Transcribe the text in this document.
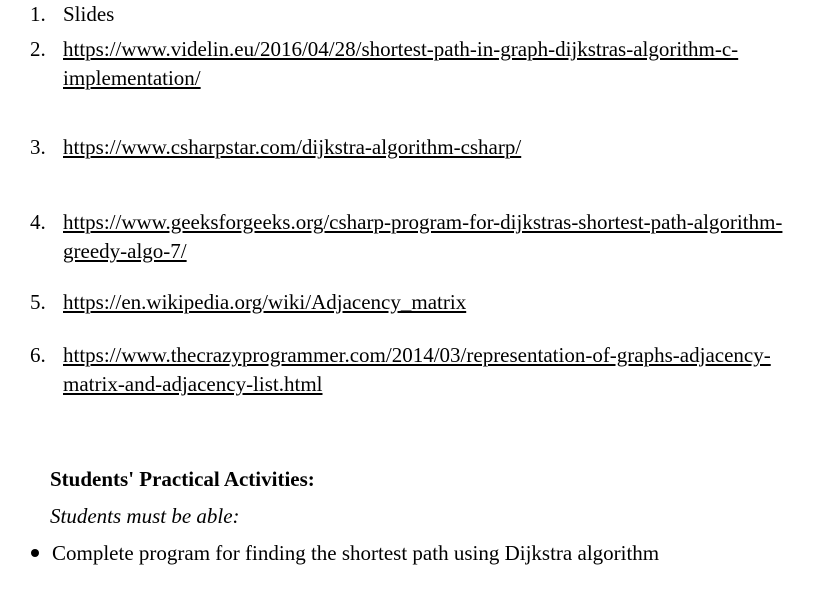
1. Slides
2. https://www.videlin.eu/2016/04/28/shortest-path-in-graph-dijkstras-algorithm-c-
implementation/
3. https://www.csharpstar.com/dijkstra-algorithm-csharp/
4. https://www.geeksforgeeks.org/csharp-program-for-dijkstras-shortest-path-algorithm-
greedy-algo-7/
5. https://en.wikipedia.org/wiki/Adjacency_matrix
6. https://www.thecrazyprogrammer.com/2014/03/representation-of-graphs-adjacency-
matrix-and-adjacency-list.html
Students' Practical Activities:
Students must be able:
Complete program for finding the shortest path using Dijkstra algorithm
